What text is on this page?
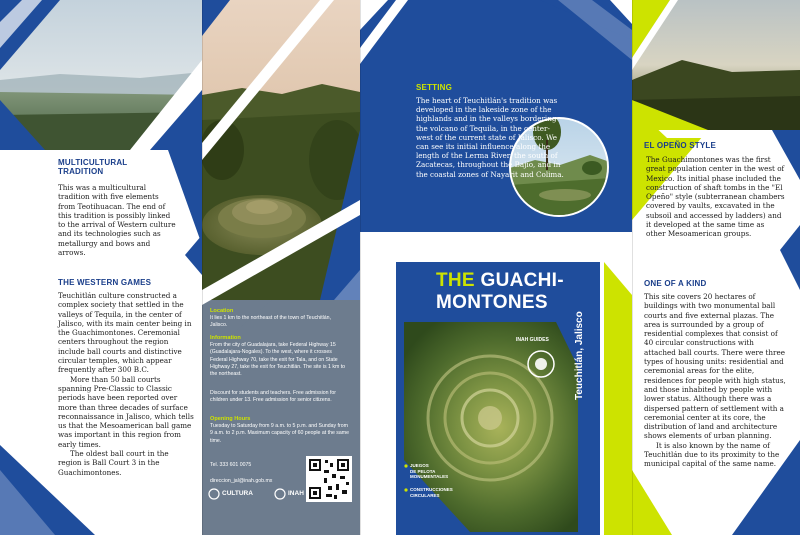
MULTICULTURAL
TRADITION
This was a multicultural tradition with five elements from Teotihuacan. The end of this tradition is possibly linked to the arrival of Western culture and its technologies such as metallurgy and bows and arrows.
THE WESTERN GAMES

Teuchitlán culture constructed a complex society that settled in the valleys of Tequila, in the center of Jalisco, with its main center being in the Guachimontones. Ceremonial centers throughout the region include ball courts and distinctive circular temples, which appear frequently after 300 B.C.

More than 50 ball courts spanning Pre-Classic to Classic periods have been reported over more than three decades of surface reconnaissance in Jalisco, which tells us that the Mesoamerican ball game was important in this region from early times.

The oldest ball court in the region is Ball Court 3 in the Guachimontones.

Location
It lies 1 km to the northeast of the town of Teuchitlán, Jalisco.
Information
From the city of Guadalajara, take Federal Highway 15 (Guadalajara-Nogales). To the west, where it crosses Federal Highway 70, take the exit for Tala, and on State Highway 27, take the exit for Teuchitlán. The site is 1 km to the northeast.
Discount for students and teachers. Free admission for children under 13. Free admission for senior citizens.
Opening Hours
Tuesday to Saturday from 9 a.m. to 5 p.m. and Sunday from 9 a.m. to 2 p.m. Maximum capacity of 60 people at the same time.
Tel. 333 601 0075
direccion_jal@inah.gob.mx
CULTURA	INAH
SETTING
The heart of Teuchitlán's tradition was developed in the lakeside zone of the highlands and in the valleys bordering the volcano of Tequila, in the center-west of the current state of Jalisco. We can see its initial influence along the length of the Lerma River, the south of Zacatecas, throughout the Bajío, and in the coastal zones of Nayarit and Colima.
THE GUACHI-
MONTONES
INAH GUIDES	Teuchitlán, Jalisco
JUEGOS
DE PELOTA
MONUMENTALES
CONSTRUCCIONES
CIRCULARES
EL OPEÑO STYLE
The Guachimontones was the first great population center in the west of Mexico. Its initial phase included the construction of shaft tombs in the "El Opeño" style (subterranean chambers covered by vaults, excavated in the subsoil and accessed by ladders) and it developed at the same time as other Mesoamerican groups.
ONE OF A KIND

This site covers 20 hectares of buildings with two monumental ball courts and five external plazas. The area is surrounded by a group of residential complexes that consist of 40 circular constructions with attached ball courts. There were three types of housing units: residential and ceremonial areas for the elite, residences for people with high status, and those inhabited by people with lower status. Although there was a dispersed pattern of settlement with a ceremonial center at its core, the distribution of land and architecture shows elements of urban planning.

It is also known by the name of Teuchitlán due to its proximity to the municipal capital of the same name.
